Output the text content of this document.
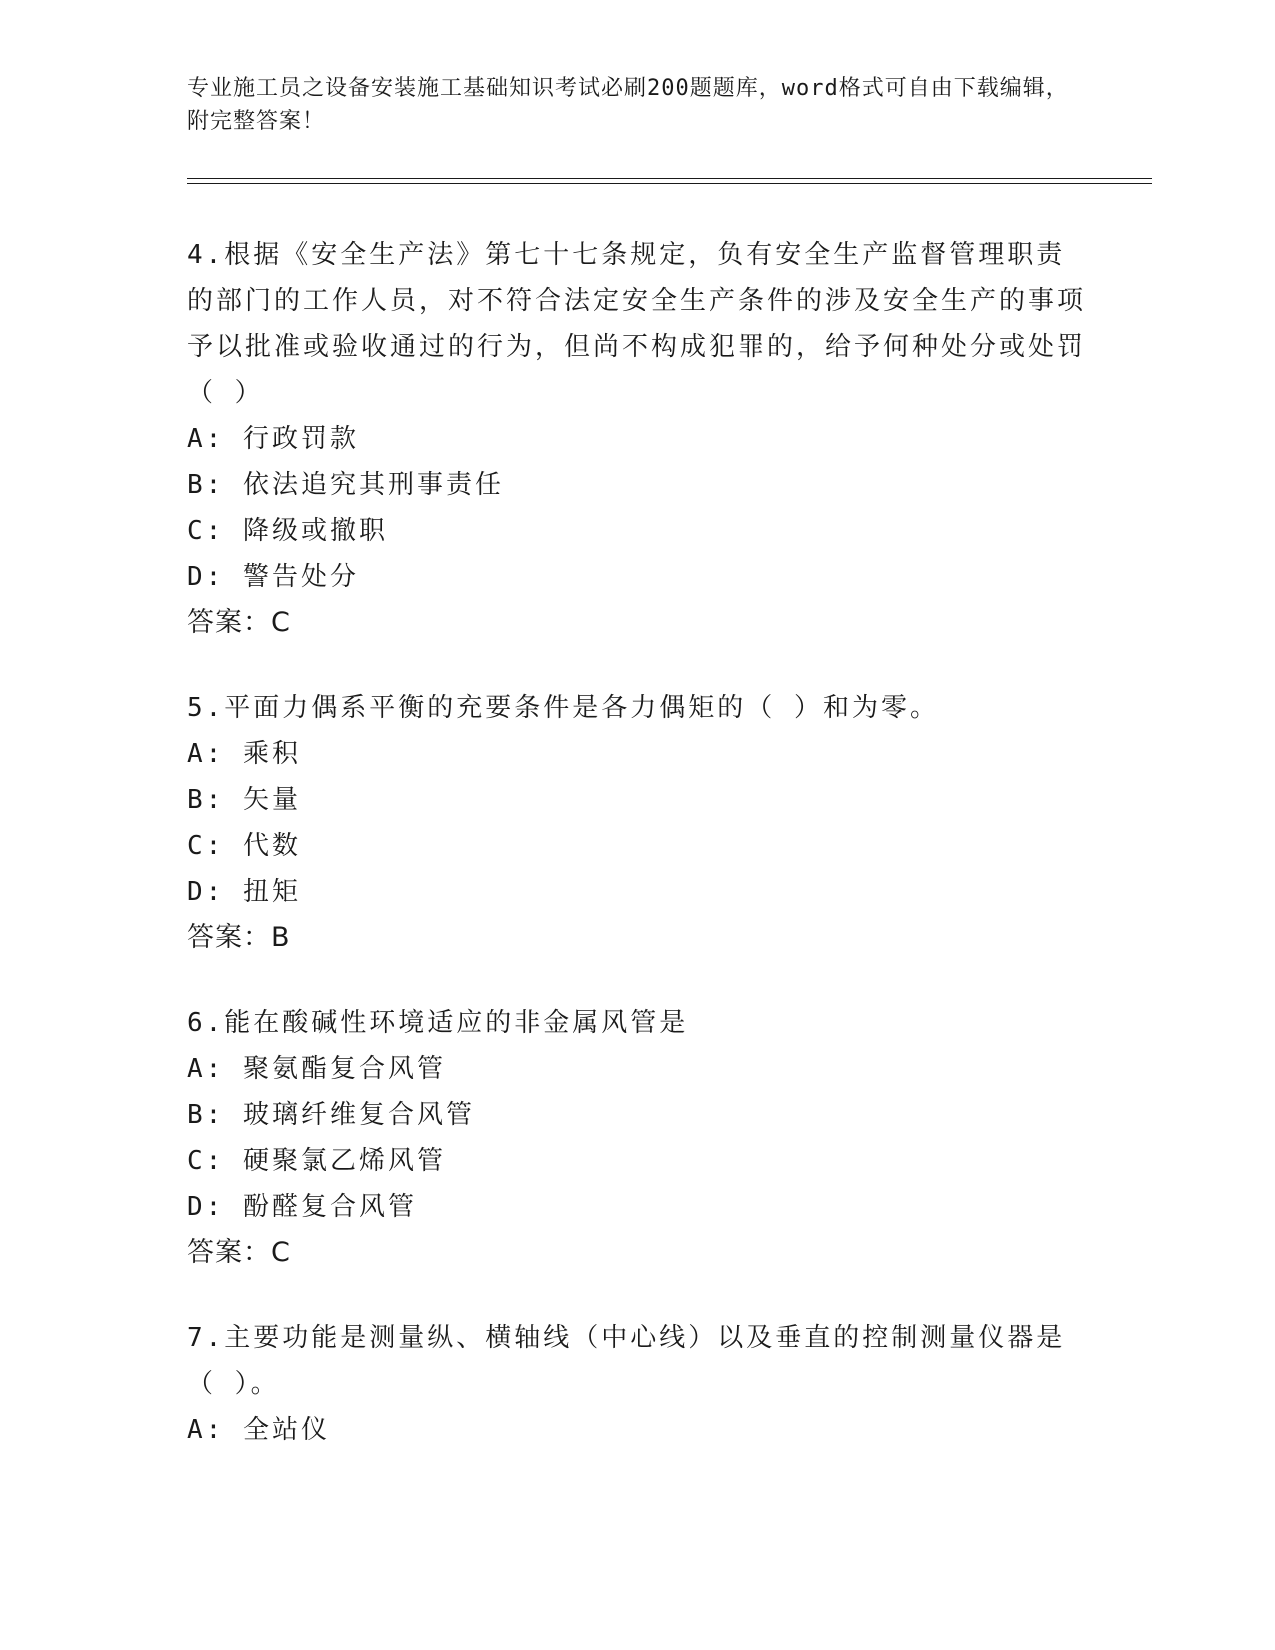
专业施工员之设备安装施工基础知识考试必刷200题题库，word格式可自由下载编辑，附完整答案！
4.根据《安全生产法》第七十七条规定，负有安全生产监督管理职责的部门的工作人员，对不符合法定安全生产条件的涉及安全生产的事项予以批准或验收通过的行为，但尚不构成犯罪的，给予何种处分或处罚（ ）
A: 行政罚款
B: 依法追究其刑事责任
C: 降级或撤职
D: 警告处分
答案：C
5.平面力偶系平衡的充要条件是各力偶矩的（ ）和为零。
A: 乘积
B: 矢量
C: 代数
D: 扭矩
答案：B
6.能在酸碱性环境适应的非金属风管是
A: 聚氨酯复合风管
B: 玻璃纤维复合风管
C: 硬聚氯乙烯风管
D: 酚醛复合风管
答案：C
7.主要功能是测量纵、横轴线（中心线）以及垂直的控制测量仪器是（ ）。
A: 全站仪
